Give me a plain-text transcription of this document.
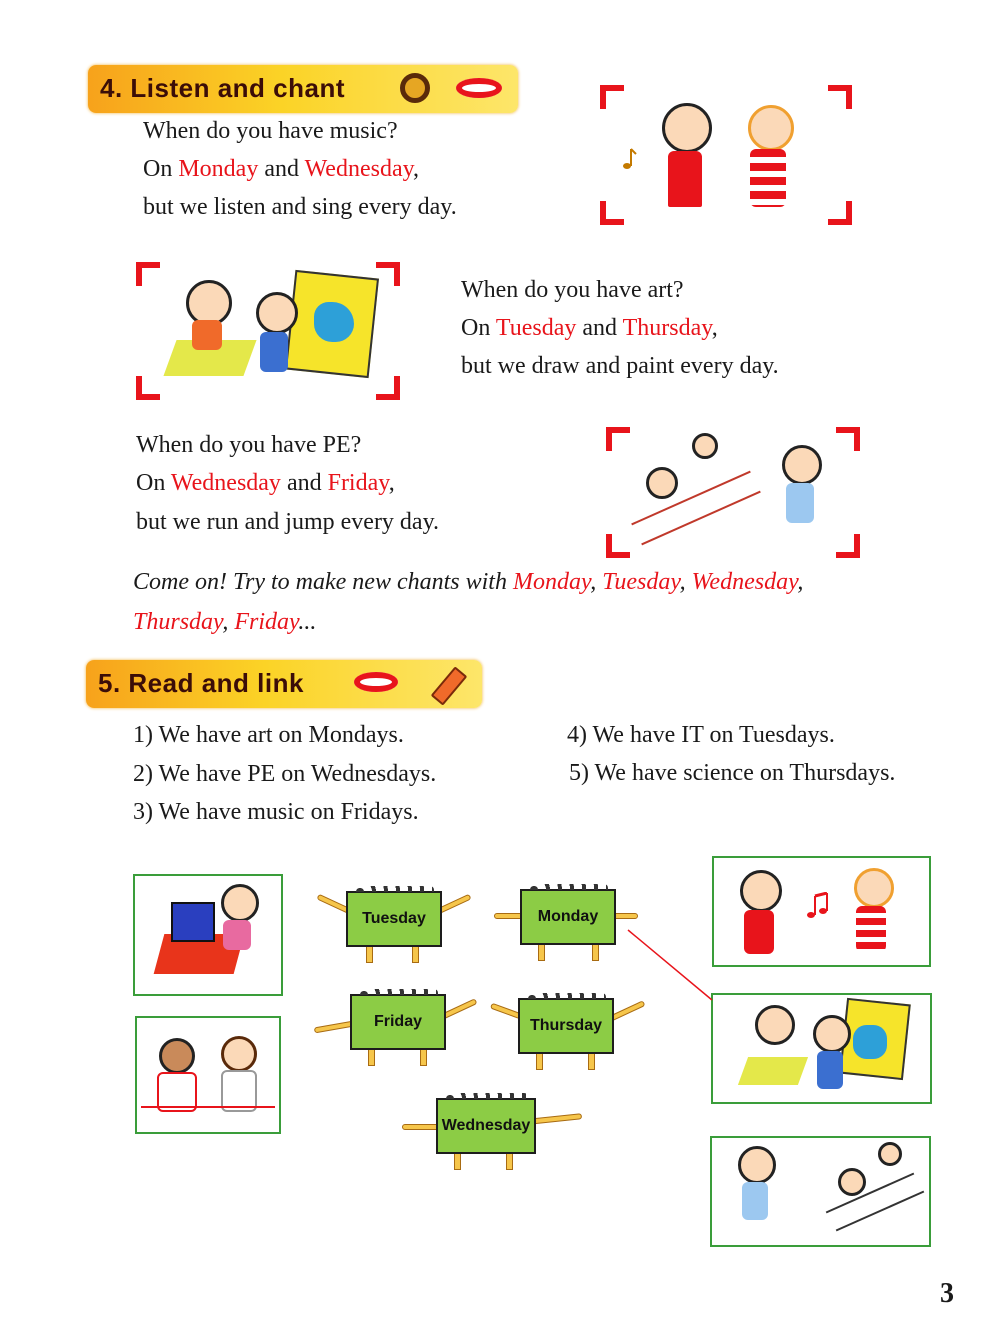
4. Listen and chant
When do you have music?
On Monday and Wednesday,
but we listen and sing every day.
When do you have art?
On Tuesday and Thursday,
but we draw and paint every day.
When do you have PE?
On Wednesday and Friday,
but we run and jump every day.
Come on! Try to make new chants with Monday, Tuesday, Wednesday,
Thursday, Friday...
5. Read and link
1) We have art on Mondays.
2) We have PE on Wednesdays.
3) We have music on Fridays.
4) We have IT on Tuesdays.
5) We have science on Thursdays.
Tuesday	Monday
Friday	Thursday
Wednesday
3
